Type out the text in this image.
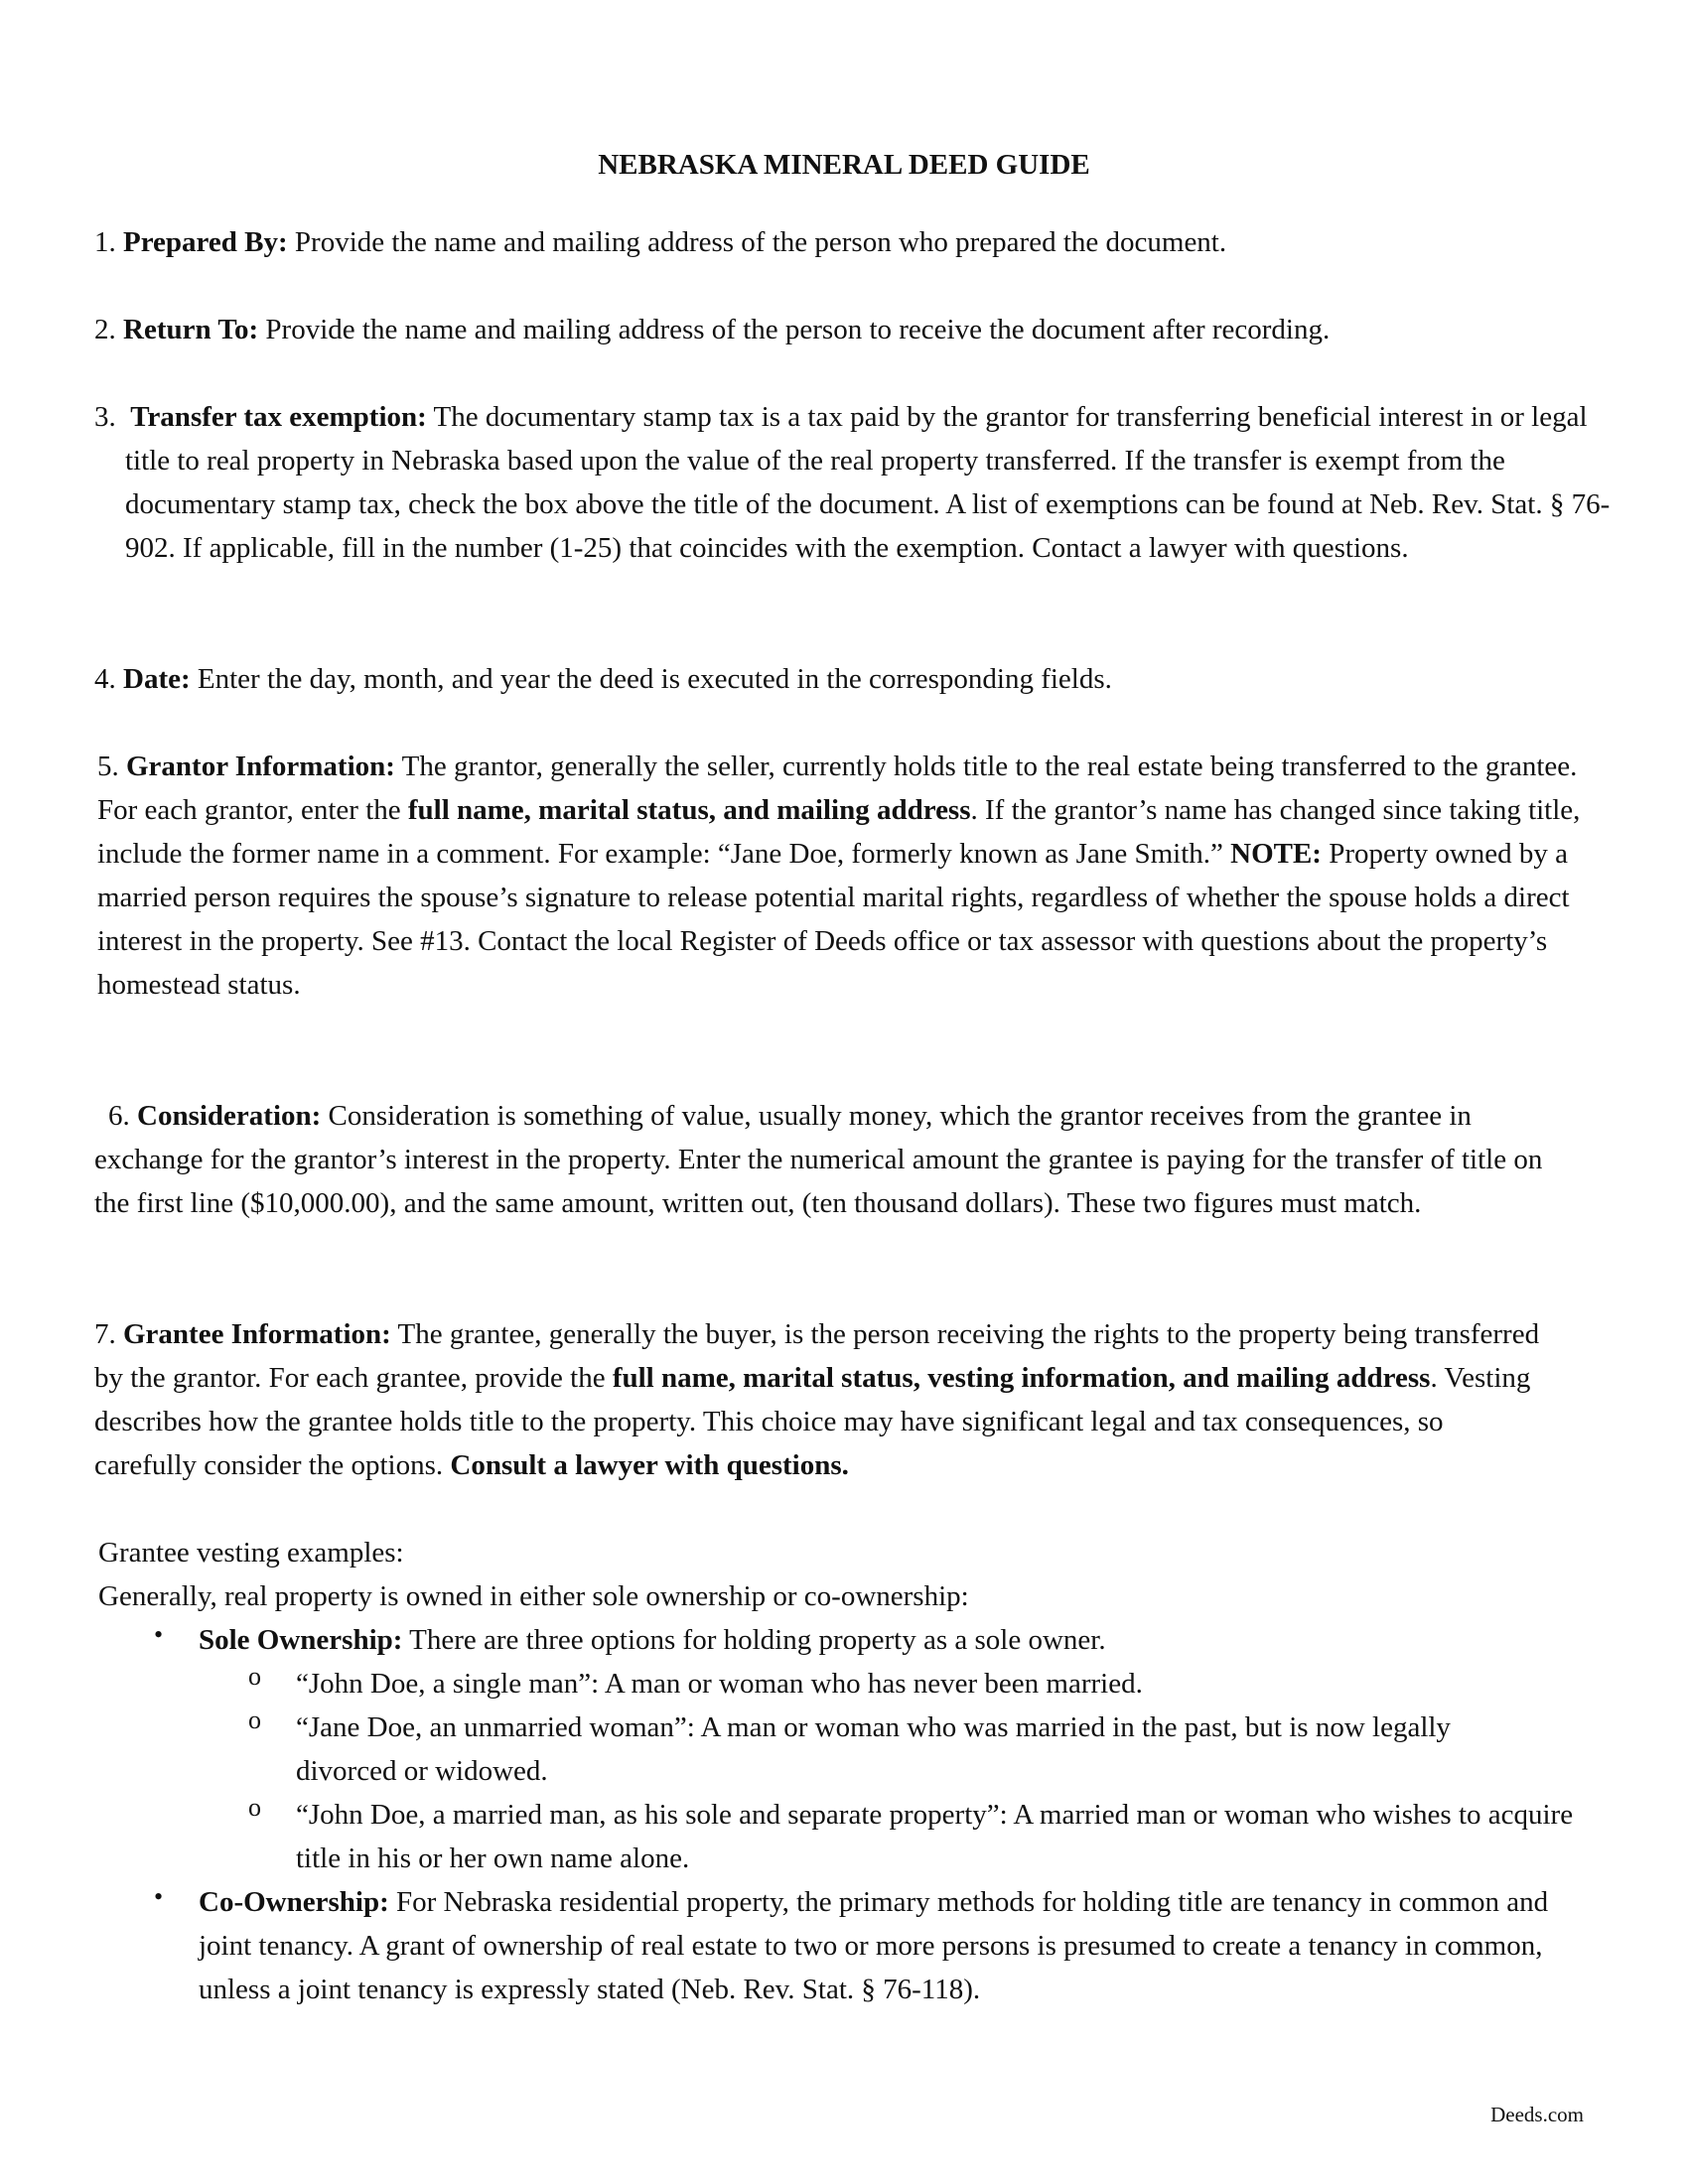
NEBRASKA MINERAL DEED GUIDE

1. Prepared By: Provide the name and mailing address of the person who prepared the document.

2. Return To: Provide the name and mailing address of the person to receive the document after recording.

3. Transfer tax exemption: The documentary stamp tax is a tax paid by the grantor for transferring beneficial interest in or legal title to real property in Nebraska based upon the value of the real property transferred. If the transfer is exempt from the documentary stamp tax, check the box above the title of the document. A list of exemptions can be found at Neb. Rev. Stat. § 76-902. If applicable, fill in the number (1-25) that coincides with the exemption. Contact a lawyer with questions.

4. Date: Enter the day, month, and year the deed is executed in the corresponding fields.

5. Grantor Information: The grantor, generally the seller, currently holds title to the real estate being transferred to the grantee. For each grantor, enter the full name, marital status, and mailing address. If the grantor’s name has changed since taking title, include the former name in a comment. For example: “Jane Doe, formerly known as Jane Smith.” NOTE: Property owned by a married person requires the spouse’s signature to release potential marital rights, regardless of whether the spouse holds a direct interest in the property. See #13. Contact the local Register of Deeds office or tax assessor with questions about the property’s homestead status.

6. Consideration: Consideration is something of value, usually money, which the grantor receives from the grantee in exchange for the grantor’s interest in the property. Enter the numerical amount the grantee is paying for the transfer of title on the first line ($10,000.00), and the same amount, written out, (ten thousand dollars). These two figures must match.

7. Grantee Information: The grantee, generally the buyer, is the person receiving the rights to the property being transferred by the grantor. For each grantee, provide the full name, marital status, vesting information, and mailing address. Vesting describes how the grantee holds title to the property. This choice may have significant legal and tax consequences, so carefully consider the options. Consult a lawyer with questions.

Grantee vesting examples:

Generally, real property is owned in either sole ownership or co-ownership:

• Sole Ownership: There are three options for holding property as a sole owner.

o “John Doe, a single man”: A man or woman who has never been married.

o “Jane Doe, an unmarried woman”: A man or woman who was married in the past, but is now legally divorced or widowed.

o “John Doe, a married man, as his sole and separate property”: A married man or woman who wishes to acquire title in his or her own name alone.

• Co-Ownership: For Nebraska residential property, the primary methods for holding title are tenancy in common and joint tenancy. A grant of ownership of real estate to two or more persons is presumed to create a tenancy in common, unless a joint tenancy is expressly stated (Neb. Rev. Stat. § 76-118).

Deeds.com
